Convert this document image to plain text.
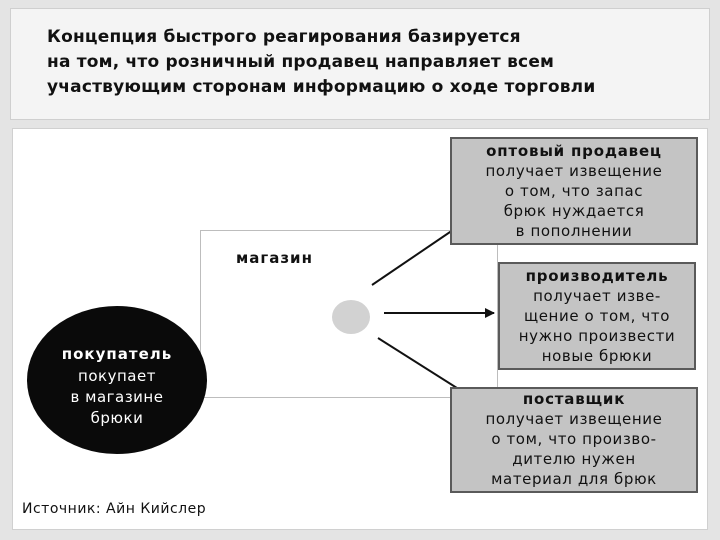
Концепция быстрого реагирования базируется
на том, что розничный продавец направляет всем
участвующим сторонам информацию о ходе торговли
магазин
покупатель
покупает
в магазине
брюки
оптовый продавец
получает извещение
о том, что запас
брюк нуждается
в пополнении
производитель
получает изве-
щение о том, что
нужно произвести
новые брюки
поставщик
получает извещение
о том, что произво-
дителю нужен
материал для брюк
Источник: Айн Кийслер
